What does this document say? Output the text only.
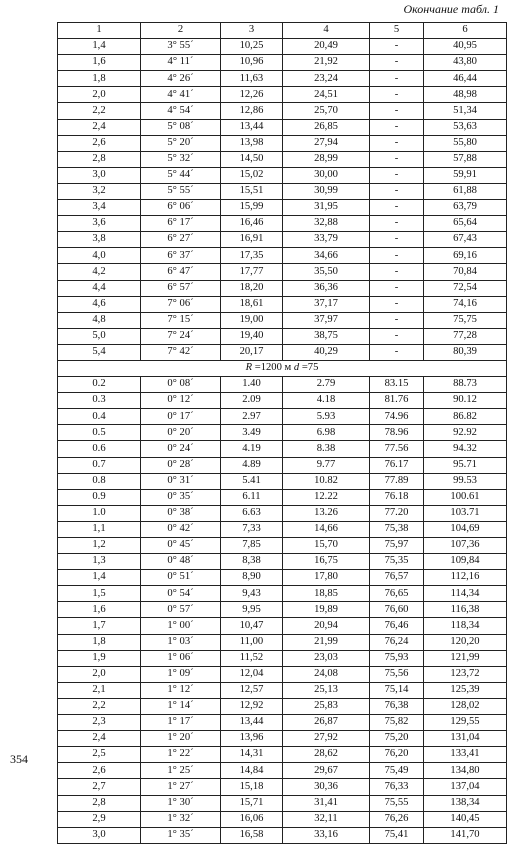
Окончание табл. 1
1	2	3	4	5	6
1,4	3° 55´	10,25	20,49	-	40,95
1,6	4° 11´	10,96	21,92	-	43,80
1,8	4° 26´	11,63	23,24	-	46,44
2,0	4° 41´	12,26	24,51	-	48,98
2,2	4° 54´	12,86	25,70	-	51,34
2,4	5° 08´	13,44	26,85	-	53,63
2,6	5° 20´	13,98	27,94	-	55,80
2,8	5° 32´	14,50	28,99	-	57,88
3,0	5° 44´	15,02	30,00	-	59,91
3,2	5° 55´	15,51	30,99	-	61,88
3,4	6° 06´	15,99	31,95	-	63,79
3,6	6° 17´	16,46	32,88	-	65,64
3,8	6° 27´	16,91	33,79	-	67,43
4,0	6° 37´	17,35	34,66	-	69,16
4,2	6° 47´	17,77	35,50	-	70,84
4,4	6° 57´	18,20	36,36	-	72,54
4,6	7° 06´	18,61	37,17	-	74,16
4,8	7° 15´	19,00	37,97	-	75,75
5,0	7° 24´	19,40	38,75	-	77,28
5,4	7° 42´	20,17	40,29	-	80,39
R =1200 м d =75					
0.2	0° 08´	1.40	2.79	83.15	88.73
0.3	0° 12´	2.09	4.18	81.76	90.12
0.4	0° 17´	2.97	5.93	74.96	86.82
0.5	0° 20´	3.49	6.98	78.96	92.92
0.6	0° 24´	4.19	8.38	77.56	94.32
0.7	0° 28´	4.89	9.77	76.17	95.71
0.8	0° 31´	5.41	10.82	77.89	99.53
0.9	0° 35´	6.11	12.22	76.18	100.61
1.0	0° 38´	6.63	13.26	77.20	103.71
1,1	0° 42´	7,33	14,66	75,38	104,69
1,2	0° 45´	7,85	15,70	75,97	107,36
1,3	0° 48´	8,38	16,75	75,35	109,84
1,4	0° 51´	8,90	17,80	76,57	112,16
1,5	0° 54´	9,43	18,85	76,65	114,34
1,6	0° 57´	9,95	19,89	76,60	116,38
1,7	1° 00´	10,47	20,94	76,46	118,34
1,8	1° 03´	11,00	21,99	76,24	120,20
1,9	1° 06´	11,52	23,03	75,93	121,99
2,0	1° 09´	12,04	24,08	75,56	123,72
2,1	1° 12´	12,57	25,13	75,14	125,39
2,2	1° 14´	12,92	25,83	76,38	128,02
2,3	1° 17´	13,44	26,87	75,82	129,55
2,4	1° 20´	13,96	27,92	75,20	131,04
2,5	1° 22´	14,31	28,62	76,20	133,41
2,6	1° 25´	14,84	29,67	75,49	134,80
2,7	1° 27´	15,18	30,36	76,33	137,04
2,8	1° 30´	15,71	31,41	75,55	138,34
2,9	1° 32´	16,06	32,11	76,26	140,45
3,0	1° 35´	16,58	33,16	75,41	141,70
354
